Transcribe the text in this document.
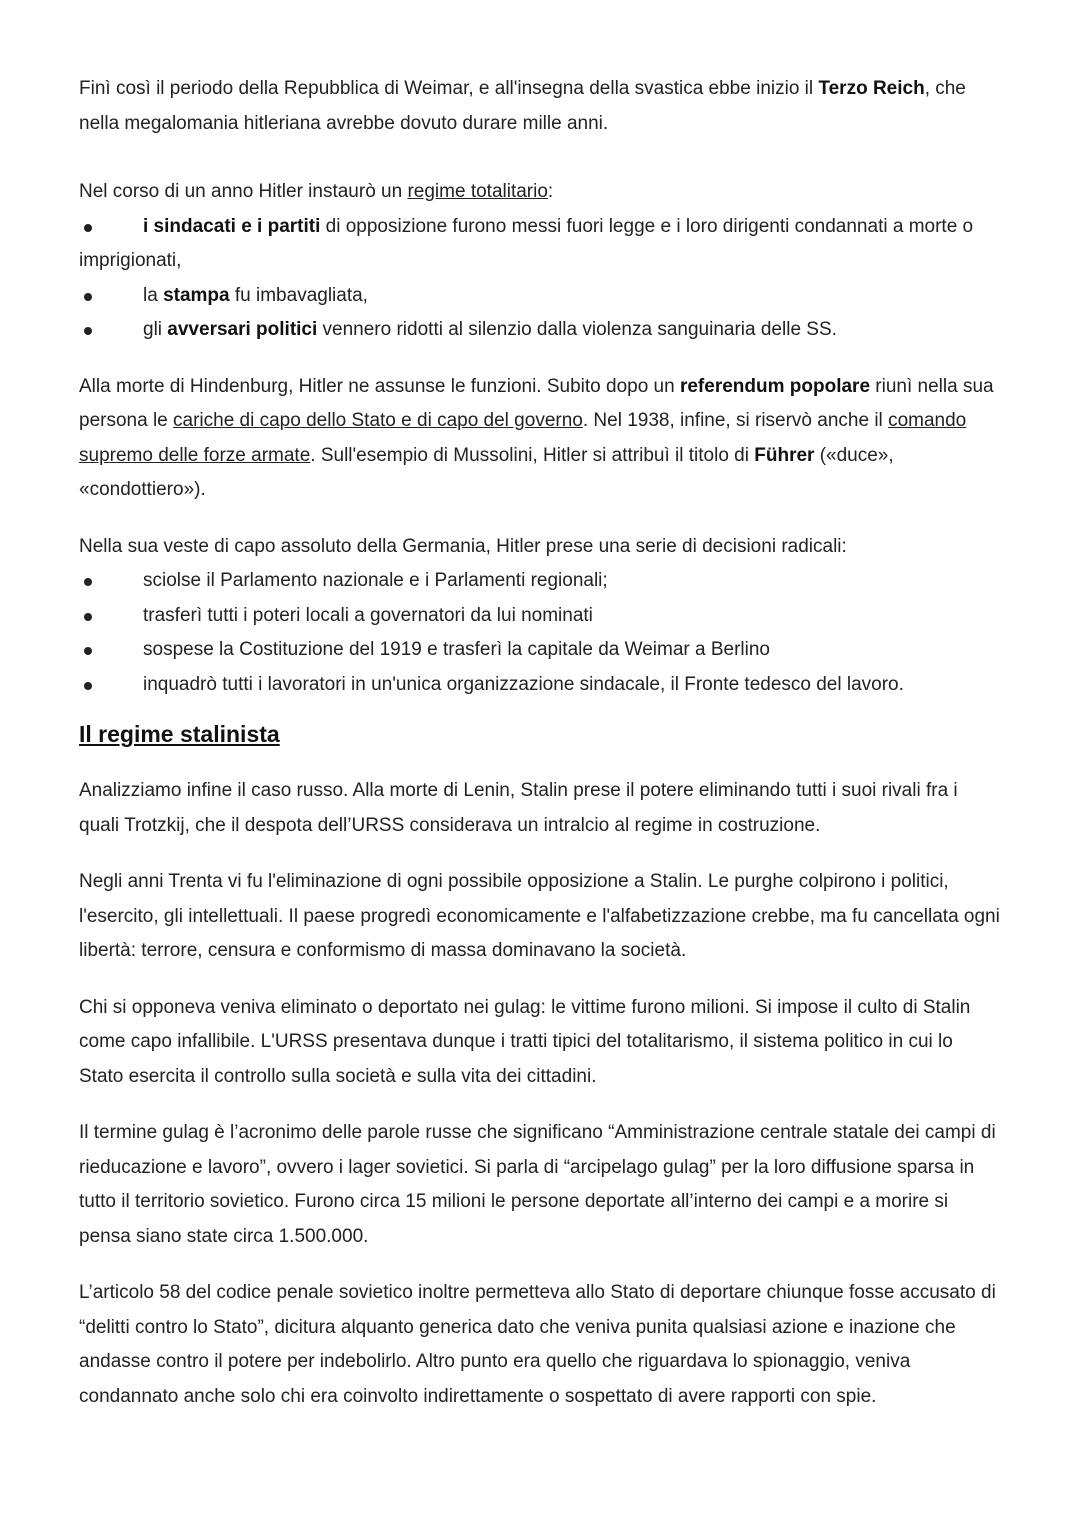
Finì così il periodo della Repubblica di Weimar, e all'insegna della svastica ebbe inizio il Terzo Reich, che nella megalomania hitleriana avrebbe dovuto durare mille anni.

Nel corso di un anno Hitler instaurò un regime totalitario:

i sindacati e i partiti di opposizione furono messi fuori legge e i loro dirigenti condannati a morte o imprigionati,
la stampa fu imbavagliata,
gli avversari politici vennero ridotti al silenzio dalla violenza sanguinaria delle SS.

Alla morte di Hindenburg, Hitler ne assunse le funzioni. Subito dopo un referendum popolare riunì nella sua persona le cariche di capo dello Stato e di capo del governo. Nel 1938, infine, si riservò anche il comando supremo delle forze armate. Sull'esempio di Mussolini, Hitler si attribuì il titolo di Führer («duce», «condottiero»).

Nella sua veste di capo assoluto della Germania, Hitler prese una serie di decisioni radicali:

sciolse il Parlamento nazionale e i Parlamenti regionali;
trasferì tutti i poteri locali a governatori da lui nominati
sospese la Costituzione del 1919 e trasferì la capitale da Weimar a Berlino
inquadrò tutti i lavoratori in un'unica organizzazione sindacale, il Fronte tedesco del lavoro.
Il regime stalinista

Analizziamo infine il caso russo. Alla morte di Lenin, Stalin prese il potere eliminando tutti i suoi rivali fra i quali Trotzkij, che il despota dell’URSS considerava un intralcio al regime in costruzione.

Negli anni Trenta vi fu l'eliminazione di ogni possibile opposizione a Stalin. Le purghe colpirono i politici, l'esercito, gli intellettuali. Il paese progredì economicamente e l'alfabetizzazione crebbe, ma fu cancellata ogni libertà: terrore, censura e conformismo di massa dominavano la società.

Chi si opponeva veniva eliminato o deportato nei gulag: le vittime furono milioni. Si impose il culto di Stalin come capo infallibile. L'URSS presentava dunque i tratti tipici del totalitarismo, il sistema politico in cui lo Stato esercita il controllo sulla società e sulla vita dei cittadini.

Il termine gulag è l’acronimo delle parole russe che significano “Amministrazione centrale statale dei campi di rieducazione e lavoro”, ovvero i lager sovietici. Si parla di “arcipelago gulag” per la loro diffusione sparsa in tutto il territorio sovietico. Furono circa 15 milioni le persone deportate all’interno dei campi e a morire si pensa siano state circa 1.500.000.

L’articolo 58 del codice penale sovietico inoltre permetteva allo Stato di deportare chiunque fosse accusato di “delitti contro lo Stato”, dicitura alquanto generica dato che veniva punita qualsiasi azione e inazione che andasse contro il potere per indebolirlo. Altro punto era quello che riguardava lo spionaggio, veniva condannato anche solo chi era coinvolto indirettamente o sospettato di avere rapporti con spie.
